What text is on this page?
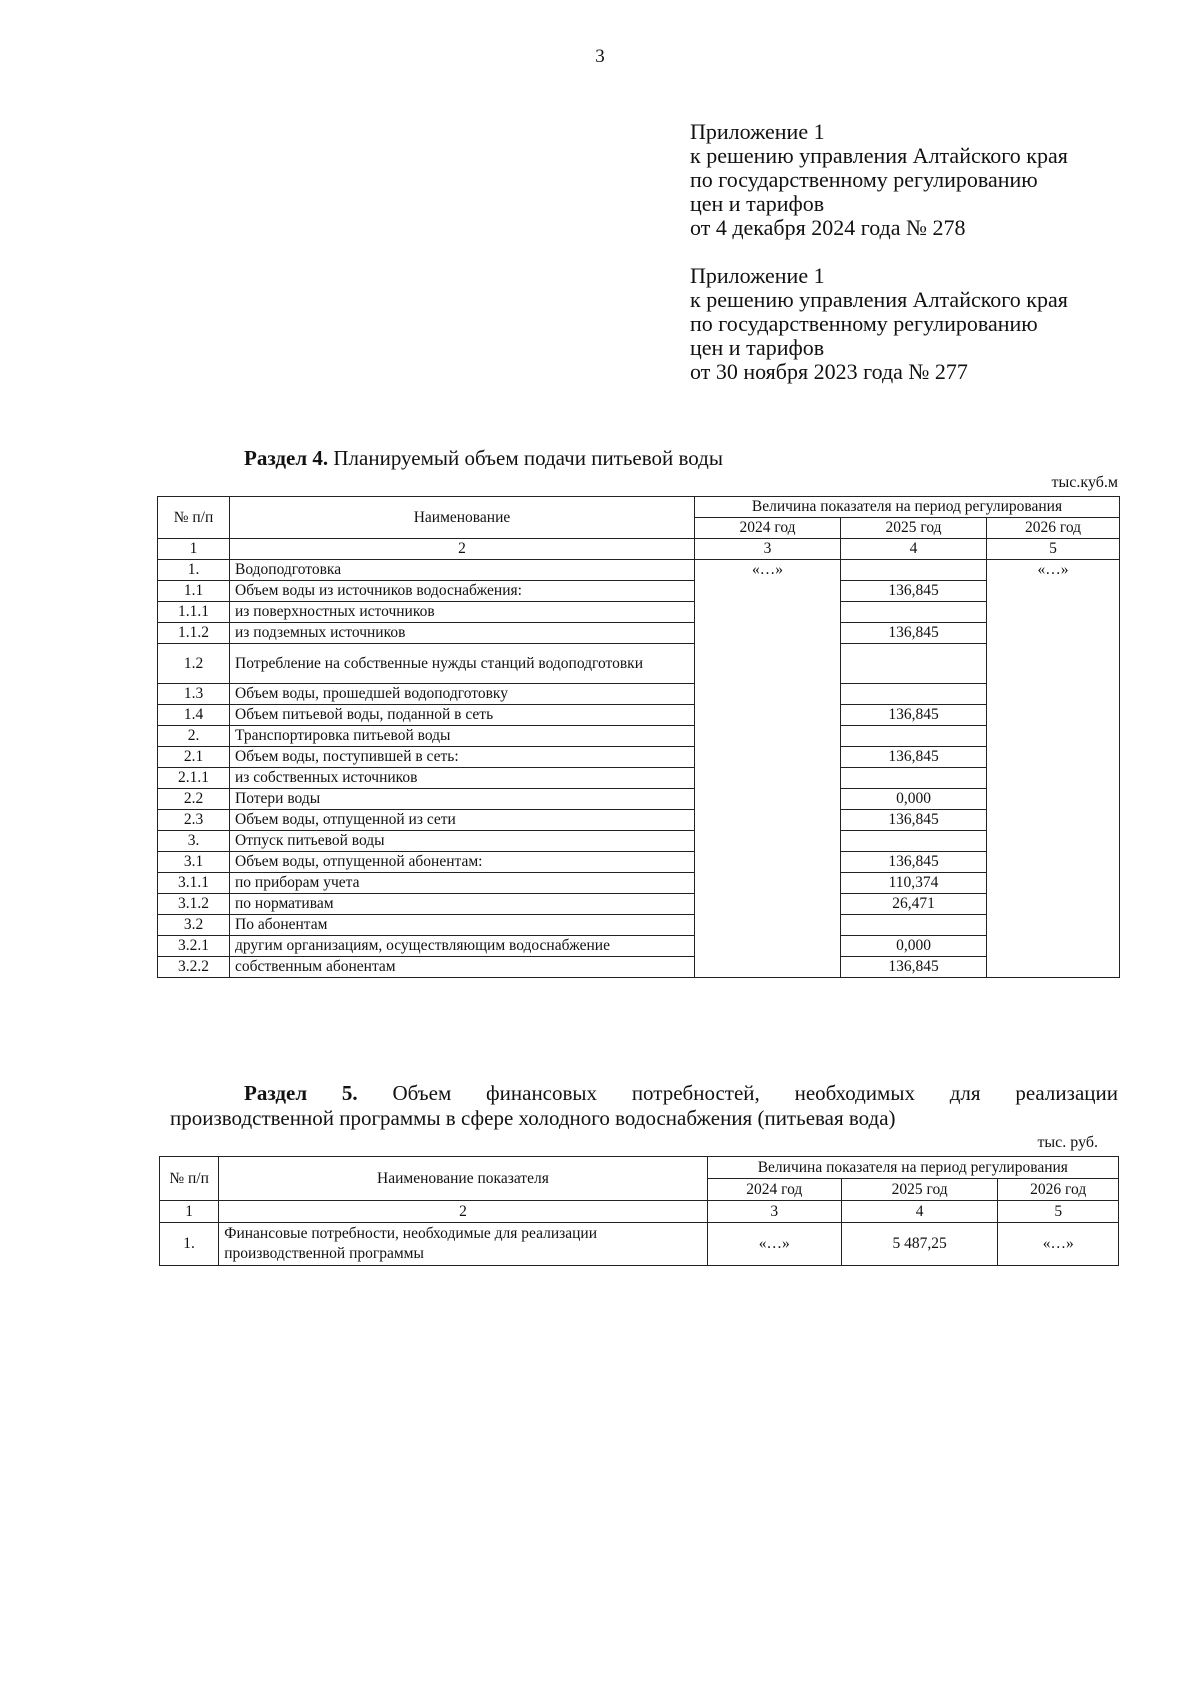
3
Приложение 1
к решению управления Алтайского края
по государственному регулированию
цен и тарифов
от 4 декабря 2024 года № 278
Приложение 1
к решению управления Алтайского края
по государственному регулированию
цен и тарифов
от 30 ноября 2023 года № 277
Раздел 4. Планируемый объем подачи питьевой воды
тыс.куб.м
№ п/п	Наименование	Величина показателя на период регулирования		
		2024 год	2025 год	2026 год
1	2	3	4	5
1.	Водоподготовка	«…»		«…»
1.1	Объем воды из источников водоснабжения:		136,845	
1.1.1	из поверхностных источников			
1.1.2	из подземных источников		136,845	
1.2	Потребление на собственные нужды станций водоподготовки			
1.3	Объем воды, прошедшей водоподготовку			
1.4	Объем питьевой воды, поданной в сеть		136,845	
2.	Транспортировка питьевой воды			
2.1	Объем воды, поступившей в сеть:		136,845	
2.1.1	из собственных источников			
2.2	Потери воды		0,000	
2.3	Объем воды, отпущенной из сети		136,845	
3.	Отпуск питьевой воды			
3.1	Объем воды, отпущенной абонентам:		136,845	
3.1.1	по приборам учета		110,374	
3.1.2	по нормативам		26,471	
3.2	По абонентам			
3.2.1	другим организациям, осуществляющим водоснабжение		0,000	
3.2.2	собственным абонентам		136,845	
Раздел 5. Объем финансовых потребностей, необходимых для реализации
производственной программы в сфере холодного водоснабжения (питьевая вода)
тыс. руб.
№ п/п	Наименование показателя	Величина показателя на период регулирования		
		2024 год	2025 год	2026 год
1	2	3	4	5
1.	Финансовые потребности, необходимые для реализации производственной программы	«…»	5 487,25	«…»
